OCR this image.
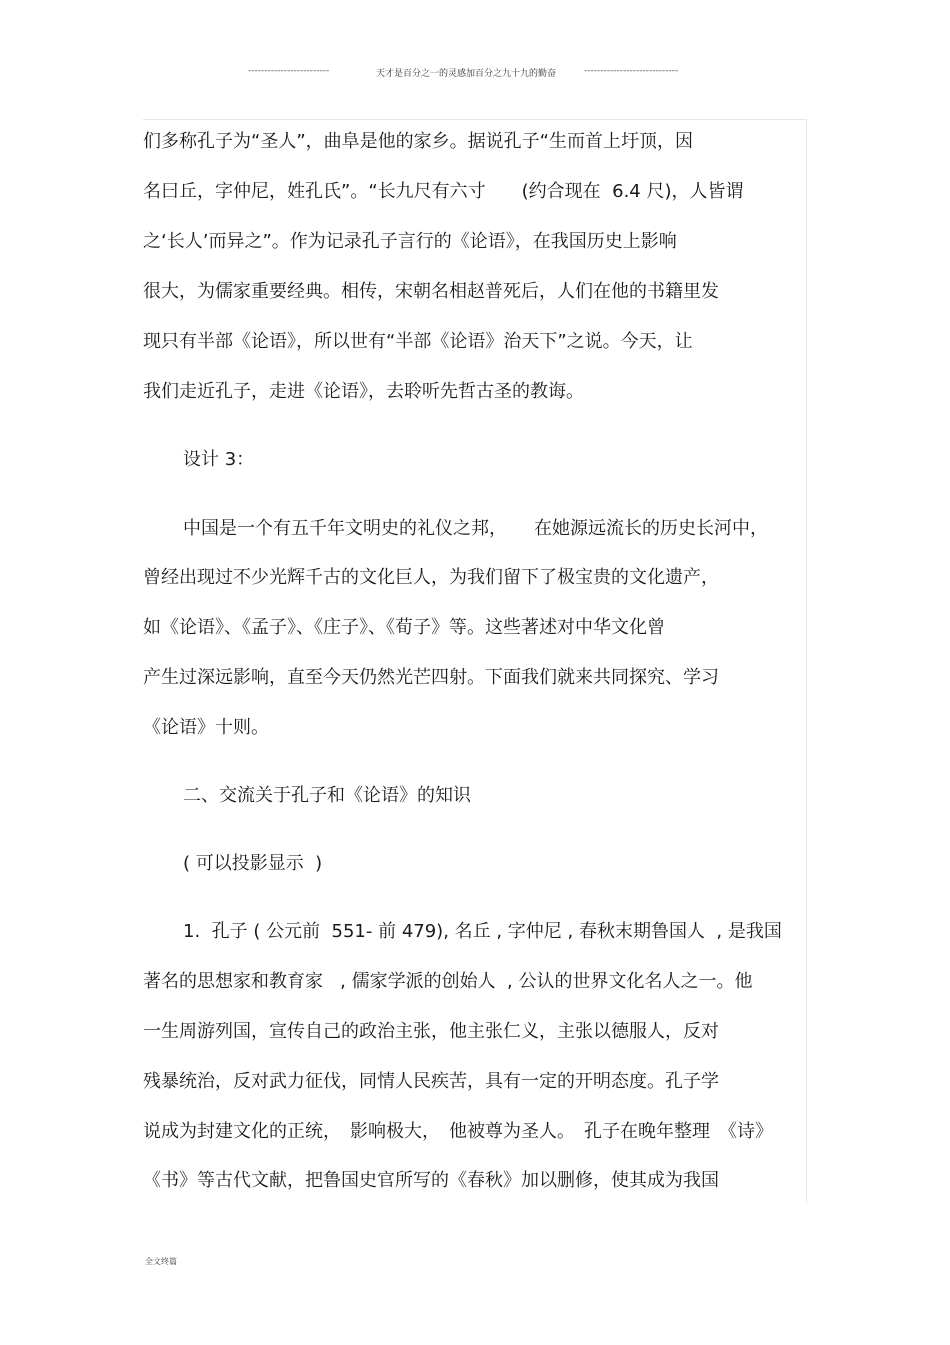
-------------------------	天才是百分之一的灵感加百分之九十九的勤奋	-----------------------------
们多称孔子为“圣人”，曲阜是他的家乡。据说孔子“生而首上圩顶，因
名曰丘，字仲尼，姓孔氏”。“长九尺有六寸　　(约合现在  6.4 尺)，人皆谓
之‘长人’而异之”。作为记录孔子言行的《论语》，在我国历史上影响
很大，为儒家重要经典。相传，宋朝名相赵普死后，人们在他的书籍里发
现只有半部《论语》，所以世有“半部《论语》治天下”之说。今天，让
我们走近孔子，走进《论语》，去聆听先哲古圣的教诲。
设计 3：
中国是一个有五千年文明史的礼仪之邦，　　在她源远流长的历史长河中，
曾经出现过不少光辉千古的文化巨人，为我们留下了极宝贵的文化遗产，
如《论语》、《孟子》、《庄子》、《荀子》等。这些著述对中华文化曾
产生过深远影响，直至今天仍然光芒四射。下面我们就来共同探究、学习
《论语》十则。
二、交流关于孔子和《论语》的知识
( 可以投影显示  )
1.  孔子 ( 公元前  551- 前 479), 名丘 , 字仲尼 , 春秋末期鲁国人  , 是我国
著名的思想家和教育家   , 儒家学派的创始人  , 公认的世界文化名人之一。他
一生周游列国，宣传自己的政治主张，他主张仁义，主张以德服人，反对
残暴统治，反对武力征伐，同情人民疾苦，具有一定的开明态度。孔子学
说成为封建文化的正统，　影响极大，　他被尊为圣人。　孔子在晚年整理　《诗》
《书》等古代文献，把鲁国史官所写的《春秋》加以删修，使其成为我国
全文终篇
